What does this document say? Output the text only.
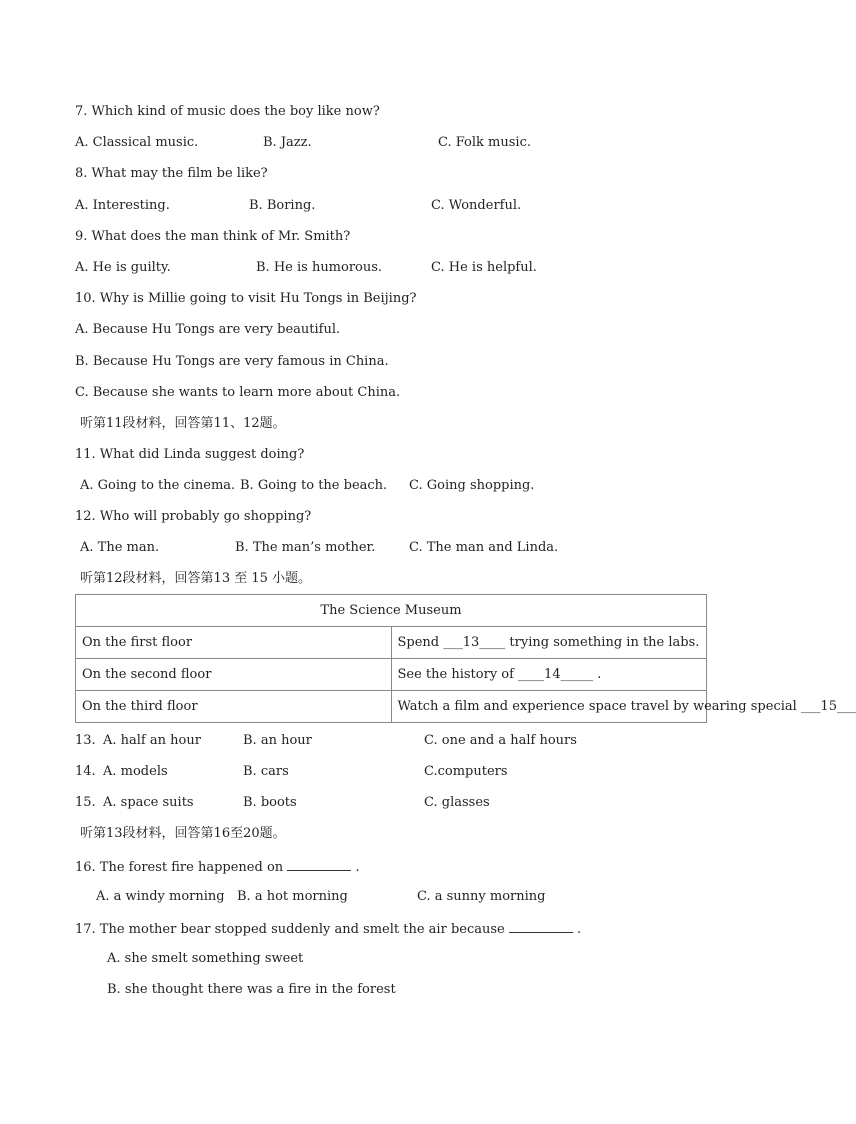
7. Which kind of music does the boy like now?
A. Classical music.	B. Jazz.	C. Folk music.
8. What may the film be like?
A. Interesting.	B. Boring.	C. Wonderful.
9. What does the man think of Mr. Smith?
A. He is guilty.	B. He is humorous.	C. He is helpful.
10. Why is Millie going to visit Hu Tongs in Beijing?
A. Because Hu Tongs are very beautiful.
B. Because Hu Tongs are very famous in China.
C. Because she wants to learn more about China.
听第11段材料，回答第11、12题。
11. What did Linda suggest doing?
A. Going to the cinema. B. Going to the beach. C. Going shopping.
12. Who will probably go shopping?
A. The man.	B. The man’s mother.	C. The man and Linda.
听第12段材料，回答第13 至 15 小题。
The Science Museum	
On the first floor	Spend ___13____ trying something in the labs.
On the second floor	See the history of ____14_____ .
On the third floor	Watch a film and experience space travel by wearing special ___15___
13. A. half an hour	B. an hour	C. one and a half hours
14. A. models	B. cars	C.computers
15. A. space suits	B. boots	C. glasses
听第13段材料，回答第16至20题。
16. The forest fire happened on	.
A. a windy morning B. a hot morning	C. a sunny morning
17. The mother bear stopped suddenly and smelt the air because	.
A. she smelt something sweet
B. she thought there was a fire in the forest
